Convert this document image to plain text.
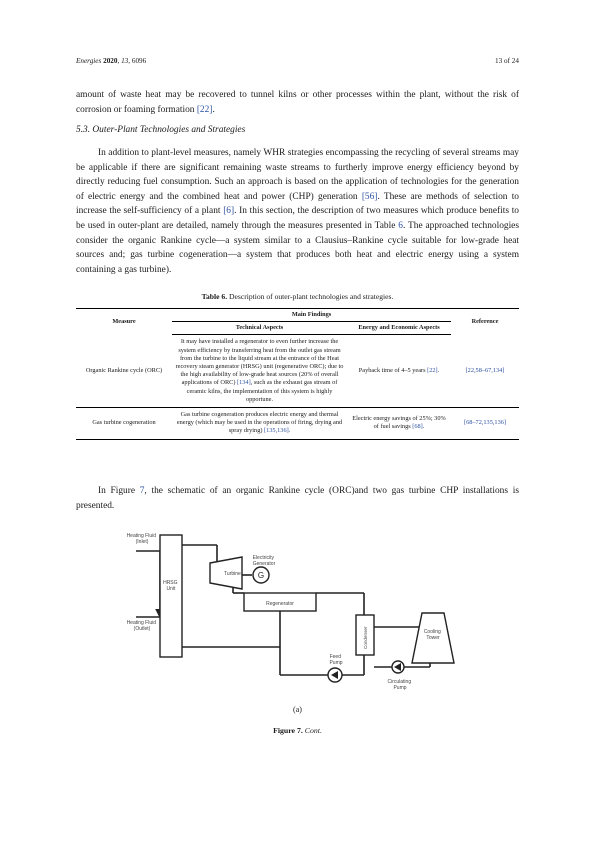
Energies 2020, 13, 6096	13 of 24

amount of waste heat may be recovered to tunnel kilns or other processes within the plant, without the risk of corrosion or foaming formation [22].

5.3. Outer-Plant Technologies and Strategies

In addition to plant-level measures, namely WHR strategies encompassing the recycling of several streams may be applicable if there are significant remaining waste streams to furtherly improve energy efficiency beyond by directly reducing fuel consumption. Such an approach is based on the application of technologies for the generation of electric energy and the combined heat and power (CHP) generation [56]. These are methods of selection to increase the self-sufficiency of a plant [6]. In this section, the description of two measures which produce benefits to be used in outer-plant are detailed, namely through the measures presented in Table 6. The approached technologies consider the organic Rankine cycle—a system similar to a Clausius–Rankine cycle suitable for low-grade heat sources and; gas turbine cogeneration—a system that produces both heat and electric energy using a system containing a gas turbine).

Table 6. Description of outer-plant technologies and strategies.
Measure	Main Findings		Reference
	Technical Aspects	Energy and Economic Aspects	
Organic Rankine cycle (ORC)	It may have installed a regenerator to even further increase the system efficiency by transferring heat from the outlet gas stream from the turbine to the liquid stream at the entrance of the Heat recovery steam generator (HRSG) unit (regenerative ORC); due to the high availability of low-grade heat sources (20% of overall applications of ORC) [134], such as the exhaust gas stream of ceramic kilns, the implementation of this system is highly opportune.	Payback time of 4–5 years [22].	[22,58–67,134]
Gas turbine cogeneration	Gas turbine cogeneration produces electric energy and thermal energy (which may be used in the operations of firing, drying and spray drying) [135,136].	Electric energy savings of 25%; 30% of fuel savings [68].	[68–72,135,136]

In Figure 7, the schematic of an organic Rankine cycle (ORC)and two gas turbine CHP installations is presented.

HRSG Unit
Turbine G
Electricity Generator
Regenerator
Condenser	Cooling Tower
Feed Pump
Circulating Pump
Heating Fluid (Inlet)
Heating Fluid (Outlet)
(a)
Figure 7. Cont.
